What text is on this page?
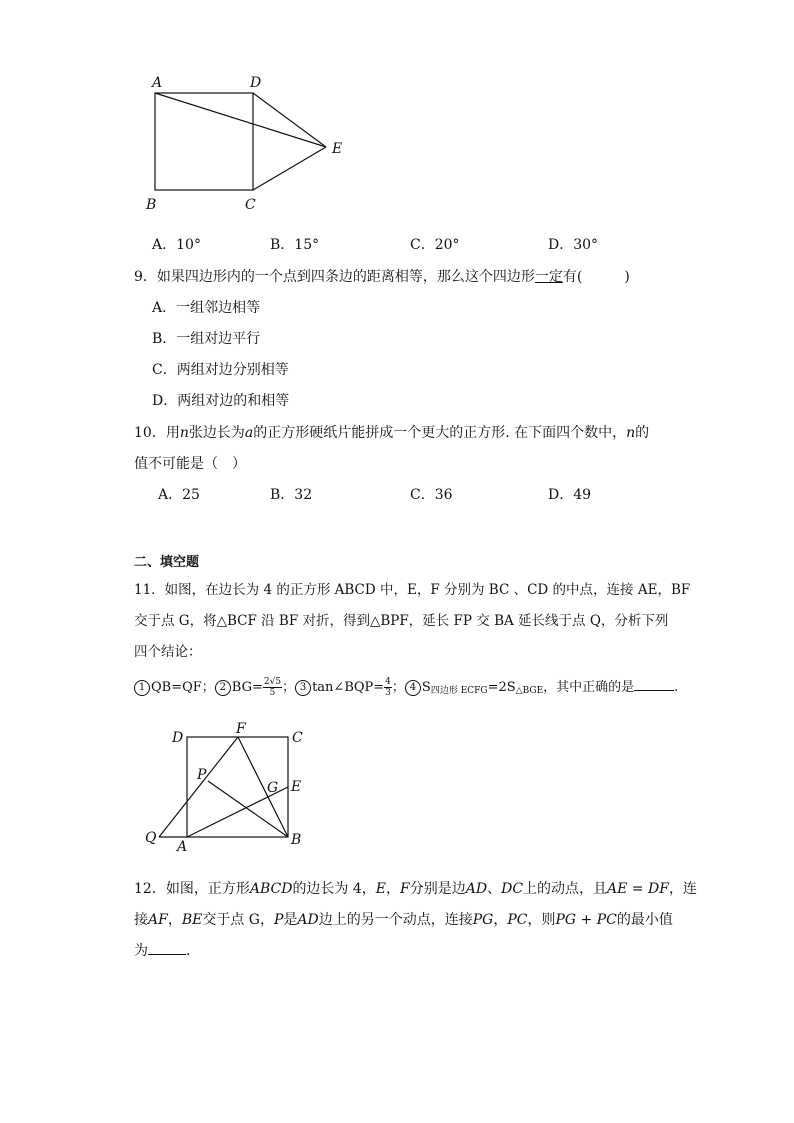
A	D
E
B	C
A．10°	B．15°	C．20°	D．30°
9．如果四边形内的一个点到四条边的距离相等，那么这个四边形一定有(　　　)
A．一组邻边相等
B．一组对边平行
C．两组对边分别相等
D．两组对边的和相等
10．用n张边长为a的正方形硬纸片能拼成一个更大的正方形. 在下面四个数中，n的
值不可能是（　）
A．25	B．32	C．36	D．49
二、填空题
11．如图，在边长为 4 的正方形 ABCD 中，E，F 分别为 BC 、CD 的中点，连接 AE，BF
交于点 G，将△BCF 沿 BF 对折，得到△BPF，延长 FP 交 BA 延长线于点 Q，分析下列
四个结论：
1 QB=QF； 2 $BG= \frac{2√5}{5}$ ； 3 tan∠BQP= $\frac{4}{3}$ ； 4 $S_{四边形 ECFG}=2S_{\triangle BGE}$，其中正确的是	.
D
F
C
P
G E
Q
A	B
12．如图，正方形ABCD的边长为 4，E，F分别是边AD、DC上的动点，且AE = DF，连
接AF，BE交于点 G，P是AD边上的另一个动点，连接PG，PC，则PG + PC的最小值
为	.
